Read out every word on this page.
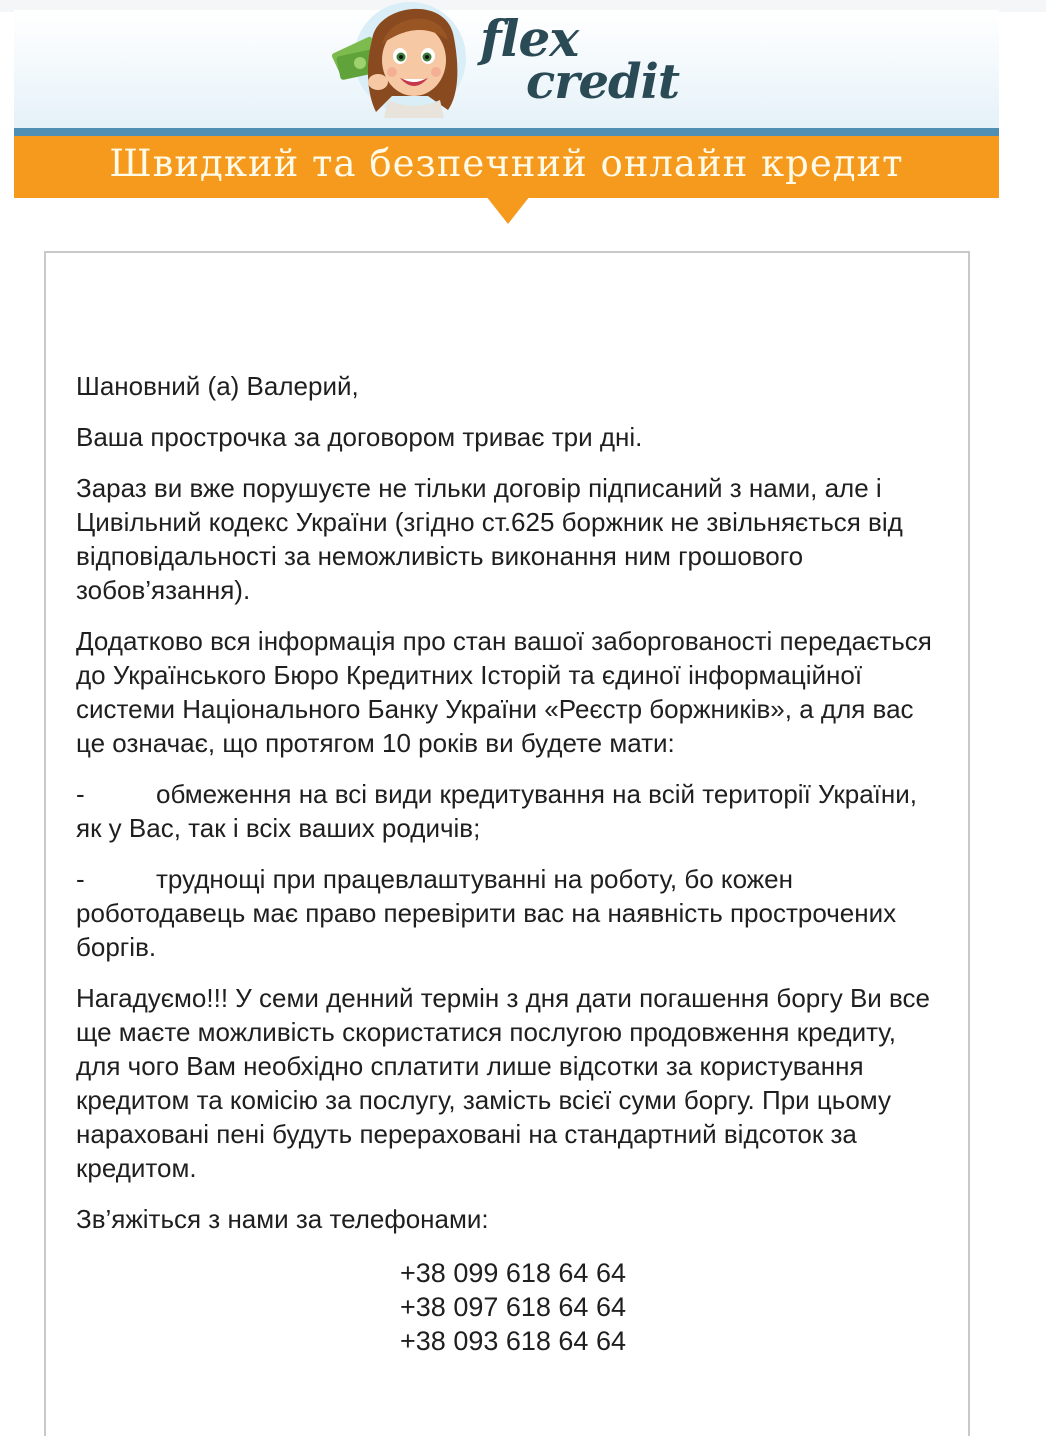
flex
credit
Швидкий та безпечний онлайн кредит

Шановний (а) Валерий,

Ваша прострочка за договором триває три дні.

Зараз ви вже порушуєте не тільки договір підписаний з нами, але і Цивільний кодекс України (згідно ст.625 боржник не звільняється від відповідальності за неможливість виконання ним грошового зобов’язання).

Додатково вся інформація про стан вашої заборгованості передається до Українського Бюро Кредитних Історій та єдиної інформаційної системи Національного Банку України «Реєстр боржників», а для вас це означає, що протягом 10 років ви будете мати:

-	обмеження на всі види кредитування на всій території України, як у Вас, так і всіх ваших родичів;

-	труднощі при працевлаштуванні на роботу, бо кожен роботодавець має право перевірити вас на наявність прострочених боргів.

Нагадуємо!!! У семи денний термін з дня дати погашення боргу Ви все ще маєте можливість скористатися послугою продовження кредиту, для чого Вам необхідно сплатити лише відсотки за користування кредитом та комісію за послугу, замість всієї суми боргу. При цьому нараховані пені будуть перераховані на стандартний відсоток за кредитом.

Зв’яжіться з нами за телефонами:

+38 099 618 64 64
+38 097 618 64 64
+38 093 618 64 64
